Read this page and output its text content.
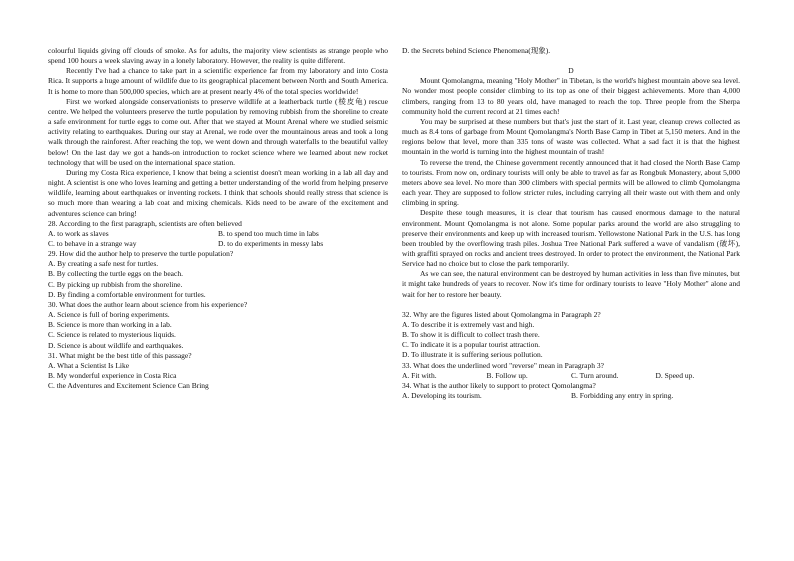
colourful liquids giving off clouds of smoke. As for adults, the majority view scientists as strange people who spend 100 hours a week slaving away in a lonely laboratory. However, the reality is quite different.

Recently I've had a chance to take part in a scientific experience far from my laboratory and into Costa Rica. It supports a huge amount of wildlife due to its geographical placement between North and South America. It is home to more than 500,000 species, which are at present nearly 4% of the total species worldwide!

First we worked alongside conservationists to preserve wildlife at a leatherback turtle (棱皮龟) rescue centre. We helped the volunteers preserve the turtle population by removing rubbish from the shoreline to create a safe environment for turtle eggs to come out. After that we stayed at Mount Arenal where we studied seismic activity relating to earthquakes. During our stay at Arenal, we rode over the mountainous areas and took a long walk through the rainforest. After reaching the top, we went down and through waterfalls to the beautiful valley below! On the last day we got a hands-on introduction to rocket science where we learned about new rocket technology that will be used on the international space station.

During my Costa Rica experience, I know that being a scientist doesn't mean working in a lab all day and night. A scientist is one who loves learning and getting a better understanding of the world from helping preserve wildlife, learning about earthquakes or inventing rockets. I think that schools should really stress that science is so much more than wearing a lab coat and mixing chemicals. Kids need to be aware of the excitement and adventures science can bring!

28. According to the first paragraph, scientists are often believed

A. to work as slaves	B. to spend too much time in labs
C. to behave in a strange way	D. to do experiments in messy labs

29. How did the author help to preserve the turtle population?

A. By creating a safe nest for turtles.
B. By collecting the turtle eggs on the beach.
C. By picking up rubbish from the shoreline.
D. By finding a comfortable environment for turtles.

30. What does the author learn about science from his experience?

A. Science is full of boring experiments.
B. Science is more than working in a lab.
C. Science is related to mysterious liquids.
D. Science is about wildlife and earthquakes.

31. What might be the best title of this passage?

A. What a Scientist Is Like
B. My wonderful experience in Costa Rica
C. the Adventures and Excitement Science Can Bring
D. the Secrets behind Science Phenomena(现象).

D

Mount Qomolangma, meaning "Holy Mother" in Tibetan, is the world's highest mountain above sea level. No wonder most people consider climbing to its top as one of their biggest achievements. More than 4,000 climbers, ranging from 13 to 80 years old, have managed to reach the top. Three people from the Sherpa community hold the current record at 21 times each!

You may be surprised at these numbers but that's just the start of it. Last year, cleanup crews collected as much as 8.4 tons of garbage from Mount Qomolangma's North Base Camp in Tibet at 5,150 meters. And in the regions below that level, more than 335 tons of waste was collected. What a sad fact it is that the highest mountain in the world is turning into the highest mountain of trash!

To reverse the trend, the Chinese government recently announced that it had closed the North Base Camp to tourists. From now on, ordinary tourists will only be able to travel as far as Rongbuk Monastery, about 5,000 meters above sea level. No more than 300 climbers with special permits will be allowed to climb Qomolangma each year. They are supposed to follow stricter rules, including carrying all their waste out with them and only climbing in spring.

Despite these tough measures, it is clear that tourism has caused enormous damage to the natural environment. Mount Qomolangma is not alone. Some popular parks around the world are also struggling to preserve their environments and keep up with increased tourism. Yellowstone National Park in the U.S. has long been troubled by the overflowing trash piles. Joshua Tree National Park suffered a wave of vandalism (破坏), with graffiti sprayed on rocks and ancient trees destroyed. In order to protect the environment, the National Park Service had no choice but to close the park temporarily.

As we can see, the natural environment can be destroyed by human activities in less than five minutes, but it might take hundreds of years to recover. Now it's time for ordinary tourists to leave "Holy Mother" alone and wait for her to restore her beauty.

32. Why are the figures listed about Qomolangma in Paragraph 2?

A. To describe it is extremely vast and high.
B. To show it is difficult to collect trash there.
C. To indicate it is a popular tourist attraction.
D. To illustrate it is suffering serious pollution.

33. What does the underlined word "reverse" mean in Paragraph 3?

A. Fit with.	B. Follow up.	C. Turn around.	D. Speed up.

34. What is the author likely to support to protect Qomolangma?

A. Developing its tourism.	B. Forbidding any entry in spring.
